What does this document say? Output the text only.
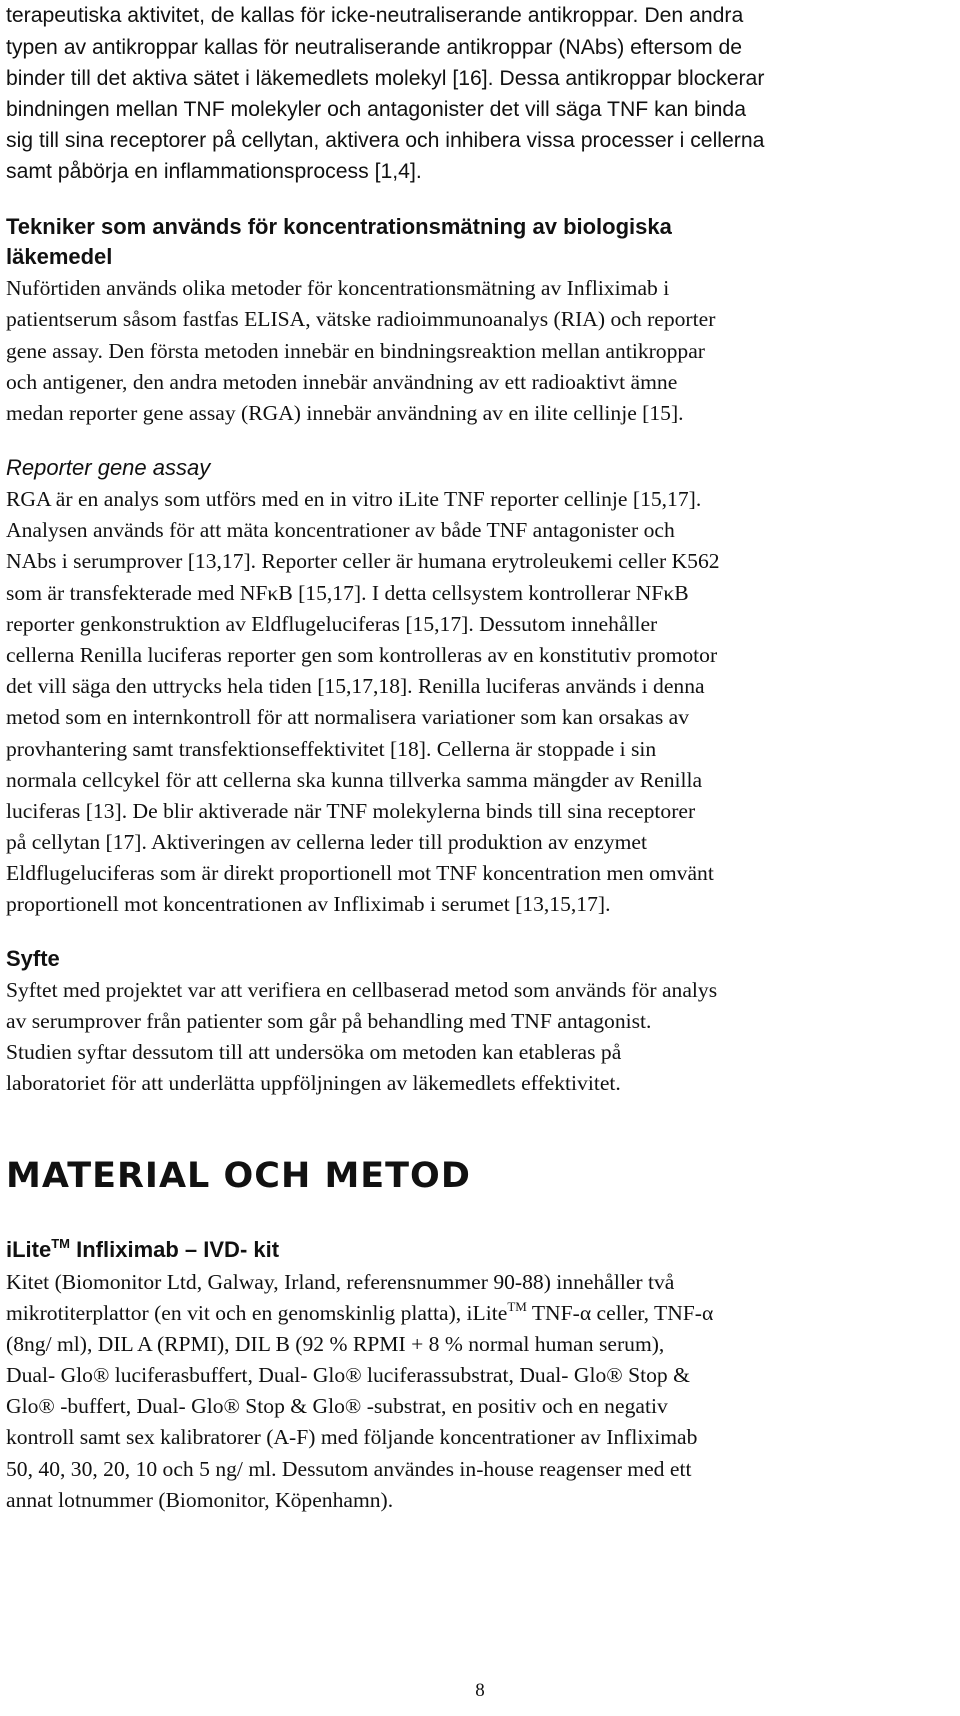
terapeutiska aktivitet, de kallas för icke-neutraliserande antikroppar. Den andra
typen av antikroppar kallas för neutraliserande antikroppar (NAbs) eftersom de
binder till det aktiva sätet i läkemedlets molekyl [16]. Dessa antikroppar blockerar
bindningen mellan TNF molekyler och antagonister det vill säga TNF kan binda
sig till sina receptorer på cellytan, aktivera och inhibera vissa processer i cellerna
samt påbörja en inflammationsprocess [1,4].
Tekniker som används för koncentrationsmätning av biologiska
läkemedel
Nuförtiden används olika metoder för koncentrationsmätning av Infliximab i
patientserum såsom fastfas ELISA, vätske radioimmunoanalys (RIA) och reporter
gene assay. Den första metoden innebär en bindningsreaktion mellan antikroppar
och antigener, den andra metoden innebär användning av ett radioaktivt ämne
medan reporter gene assay (RGA) innebär användning av en ilite cellinje [15].
Reporter gene assay
RGA är en analys som utförs med en in vitro iLite TNF reporter cellinje [15,17].
Analysen används för att mäta koncentrationer av både TNF antagonister och
NAbs i serumprover [13,17]. Reporter celler är humana erytroleukemi celler K562
som är transfekterade med NFκB [15,17]. I detta cellsystem kontrollerar NFκB
reporter genkonstruktion av Eldflugeluciferas [15,17]. Dessutom innehåller
cellerna Renilla luciferas reporter gen som kontrolleras av en konstitutiv promotor
det vill säga den uttrycks hela tiden [15,17,18]. Renilla luciferas används i denna
metod som en internkontroll för att normalisera variationer som kan orsakas av
provhantering samt transfektionseffektivitet [18]. Cellerna är stoppade i sin
normala cellcykel för att cellerna ska kunna tillverka samma mängder av Renilla
luciferas [13]. De blir aktiverade när TNF molekylerna binds till sina receptorer
på cellytan [17]. Aktiveringen av cellerna leder till produktion av enzymet
Eldflugeluciferas som är direkt proportionell mot TNF koncentration men omvänt
proportionell mot koncentrationen av Infliximab i serumet [13,15,17].
Syfte
Syftet med projektet var att verifiera en cellbaserad metod som används för analys
av serumprover från patienter som går på behandling med TNF antagonist.
Studien syftar dessutom till att undersöka om metoden kan etableras på
laboratoriet för att underlätta uppföljningen av läkemedlets effektivitet.
MATERIAL OCH METOD
iLite™ Infliximab – IVD- kit
Kitet (Biomonitor Ltd, Galway, Irland, referensnummer 90-88) innehåller två
mikrotiterplattor (en vit och en genomskinlig platta), iLite™ TNF-α celler, TNF-α
(8ng/ ml), DIL A (RPMI), DIL B (92 % RPMI + 8 % normal human serum),
Dual- Glo® luciferasbuffert, Dual- Glo® luciferassubstrat, Dual- Glo® Stop &
Glo® -buffert, Dual- Glo® Stop & Glo® -substrat, en positiv och en negativ
kontroll samt sex kalibratorer (A-F) med följande koncentrationer av Infliximab
50, 40, 30, 20, 10 och 5 ng/ ml. Dessutom användes in-house reagenser med ett
annat lotnummer (Biomonitor, Köpenhamn).
8
